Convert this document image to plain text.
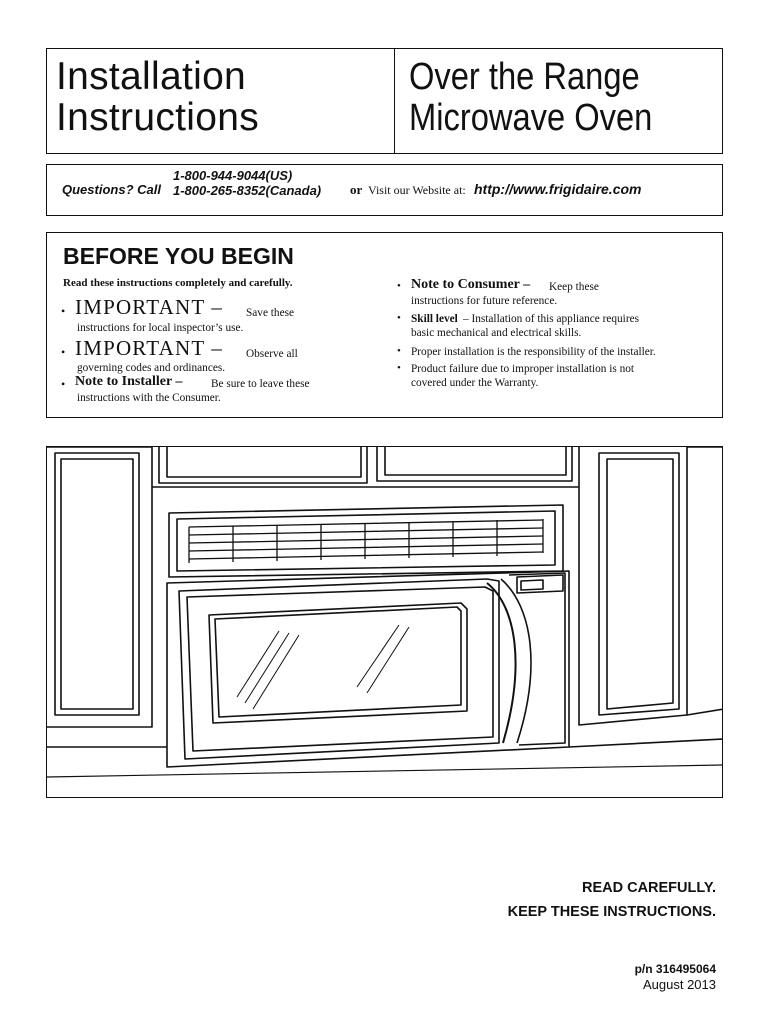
Installation
Instructions
Over the Range
Microwave Oven
Questions? Call
1-800-944-9044(US)
1-800-265-8352(Canada) or Visit our Website at: http://www.frigidaire.com
BEFORE YOU BEGIN
Read these instructions completely and carefully.
• IMPORTANT – Save these
instructions for local inspector’s use.
• IMPORTANT – Observe all
governing codes and ordinances.
• Note to Installer –	Be sure to leave these
instructions with the Consumer.
• Note to Consumer – Keep these
instructions for future reference.
• Skill level – Installation of this appliance requires
basic mechanical and electrical skills.
• Proper installation is the responsibility of the installer.
• Product failure due to improper installation is not
covered under the Warranty.
READ CAREFULLY.
KEEP THESE INSTRUCTIONS.
p/n 316495064
August 2013
